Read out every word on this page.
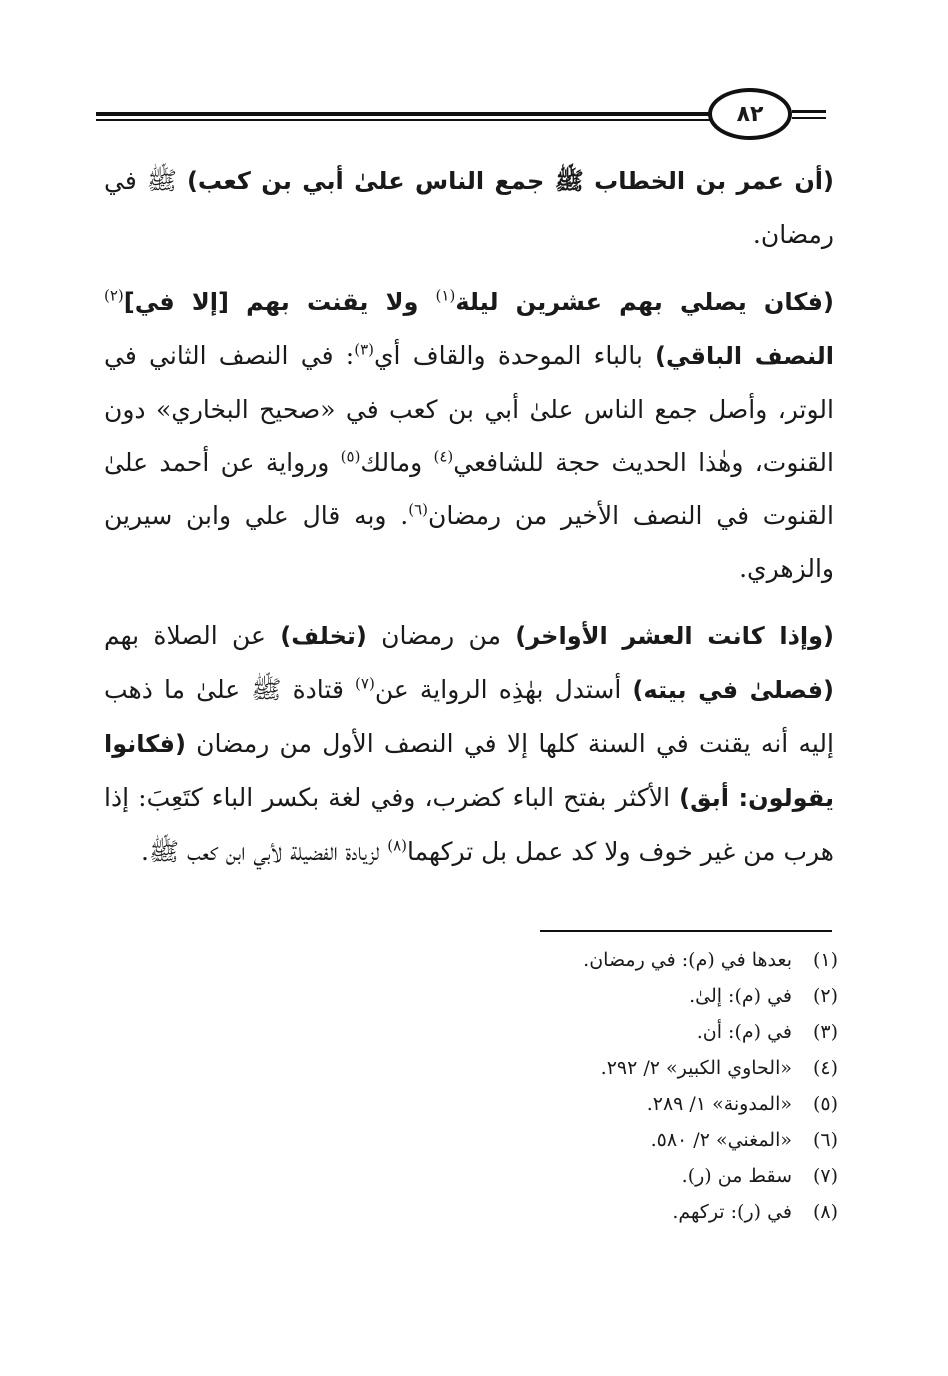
٨٢

(أن عمر بن الخطاب ﷺ جمع الناس علىٰ أبي بن كعب) ﷺ في رمضان.

(فكان يصلي بهم عشرين ليلة$^{(١)}$ ولا يقنت بهم [إلا في]$^{(٢)}$ النصف الباقي) بالباء الموحدة والقاف أي$^{(٣)}$: في النصف الثاني في الوتر، وأصل جمع الناس علىٰ أبي بن كعب في «صحيح البخاري» دون القنوت، وهٰذا الحديث حجة للشافعي$^{(٤)}$ ومالك$^{(٥)}$ ورواية عن أحمد علىٰ القنوت في النصف الأخير من رمضان$^{(٦)}$. وبه قال علي وابن سيرين والزهري.

(وإذا كانت العشر الأواخر) من رمضان (تخلف) عن الصلاة بهم (فصلىٰ في بيته) أستدل بهٰذِه الرواية عن$^{(٧)}$ قتادة ﷺ علىٰ ما ذهب إليه أنه يقنت في السنة كلها إلا في النصف الأول من رمضان (فكانوا يقولون: أبق) الأكثر بفتح الباء كضرب، وفي لغة بكسر الباء كتَعِبَ: إذا هرب من غير خوف ولا كد عمل بل تركهما$^{(٨)}$ لزيادة الفضيلة لأبي ابن كعب ﷺ.

(١)
بعدها في (م): في رمضان.
(٢)
في (م): إلىٰ.
(٣)
في (م): أن.
(٤)
«الحاوي الكبير» ٢/ ٢٩٢.
(٥)
«المدونة» ١/ ٢٨٩.
(٦)
«المغني» ٢/ ٥٨٠.
(٧)
سقط من (ر).
(٨)
في (ر): تركهم.
